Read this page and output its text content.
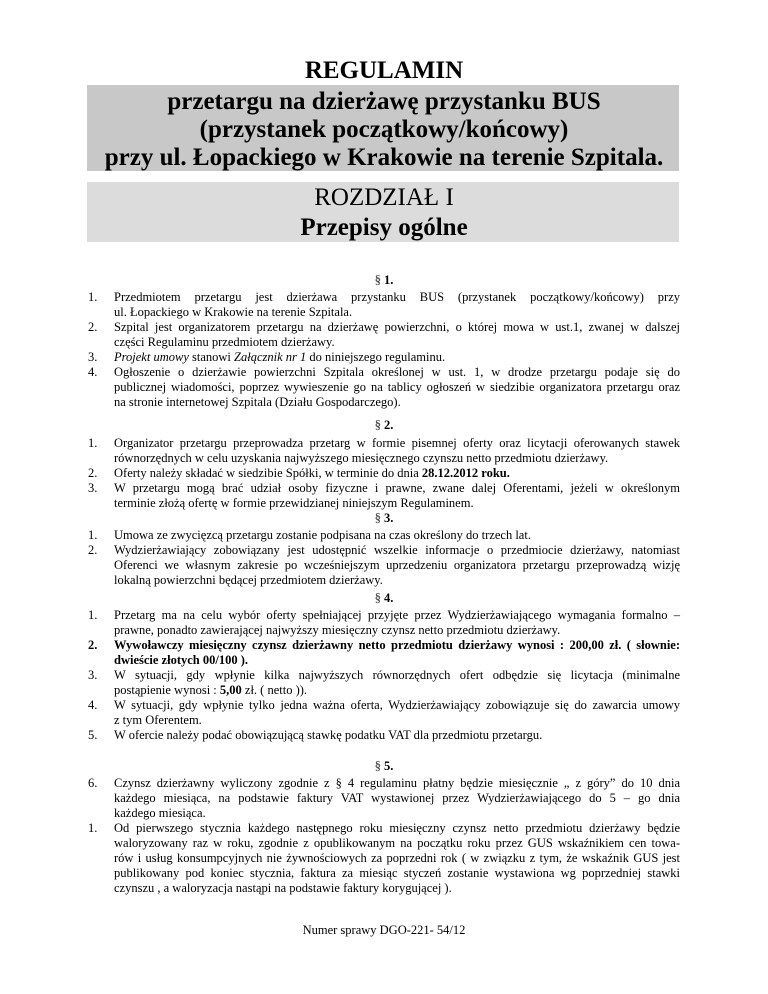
REGULAMIN
przetargu na dzierżawę przystanku BUS
(przystanek początkowy/końcowy)
przy ul. Łopackiego w Krakowie na terenie Szpitala.
ROZDZIAŁ I
Przepisy ogólne
§ 1.
1.	Przedmiotem przetargu jest dzierżawa przystanku BUS (przystanek początkowy/końcowy) przy
ul. Łopackiego w Krakowie na terenie Szpitala.
2.	Szpital jest organizatorem przetargu na dzierżawę powierzchni, o której mowa w ust.1, zwanej w dalszej
części Regulaminu przedmiotem dzierżawy.
3.	Projekt umowy stanowi Załącznik nr 1 do niniejszego regulaminu.
4.	Ogłoszenie o dzierżawie powierzchni Szpitala określonej w ust. 1, w drodze przetargu podaje się do
publicznej wiadomości, poprzez wywieszenie go na tablicy ogłoszeń w siedzibie organizatora przetargu oraz
na stronie internetowej Szpitala (Działu Gospodarczego).
§ 2.
1.	Organizator przetargu przeprowadza przetarg w formie pisemnej oferty oraz licytacji oferowanych stawek
równorzędnych w celu uzyskania najwyższego miesięcznego czynszu netto przedmiotu dzierżawy.
2.	Oferty należy składać w siedzibie Spółki, w terminie do dnia 28.12.2012 roku.
3.	W przetargu mogą brać udział osoby fizyczne i prawne, zwane dalej Oferentami, jeżeli w określonym
terminie złożą ofertę w formie przewidzianej niniejszym Regulaminem.
§ 3.
1.	Umowa ze zwycięzcą przetargu zostanie podpisana na czas określony do trzech lat.
2.	Wydzierżawiający zobowiązany jest udostępnić wszelkie informacje o przedmiocie dzierżawy, natomiast
Oferenci we własnym zakresie po wcześniejszym uprzedzeniu organizatora przetargu przeprowadzą wizję
lokalną powierzchni będącej przedmiotem dzierżawy.
§ 4.
1.	Przetarg ma na celu wybór oferty spełniającej przyjęte przez Wydzierżawiającego wymagania formalno –
prawne, ponadto zawierającej najwyższy miesięczny czynsz netto przedmiotu dzierżawy.
2.	Wywoławczy miesięczny czynsz dzierżawny netto przedmiotu dzierżawy wynosi : 200,00 zł. ( słownie:
dwieście złotych 00/100 ).
3.	W sytuacji, gdy wpłynie kilka najwyższych równorzędnych ofert odbędzie się licytacja (minimalne
postąpienie wynosi : 5,00 zł. ( netto )).
4.	W sytuacji, gdy wpłynie tylko jedna ważna oferta, Wydzierżawiający zobowiązuje się do zawarcia umowy
z tym Oferentem.
5.	W ofercie należy podać obowiązującą stawkę podatku VAT dla przedmiotu przetargu.
§ 5.
6.	Czynsz dzierżawny wyliczony zgodnie z § 4 regulaminu płatny będzie miesięcznie „ z góry” do 10 dnia
każdego miesiąca, na podstawie faktury VAT wystawionej przez Wydzierżawiającego do 5 – go dnia
każdego miesiąca.
1.	Od pierwszego stycznia każdego następnego roku miesięczny czynsz netto przedmiotu dzierżawy będzie
waloryzowany raz w roku, zgodnie z opublikowanym na początku roku przez GUS wskaźnikiem cen towa-
rów i usług konsumpcyjnych nie żywnościowych za poprzedni rok ( w związku z tym, że wskaźnik GUS jest
publikowany pod koniec stycznia, faktura za miesiąc styczeń zostanie wystawiona wg poprzedniej stawki
czynszu , a waloryzacja nastąpi na podstawie faktury korygującej ).
Numer sprawy DGO-221- 54/12
